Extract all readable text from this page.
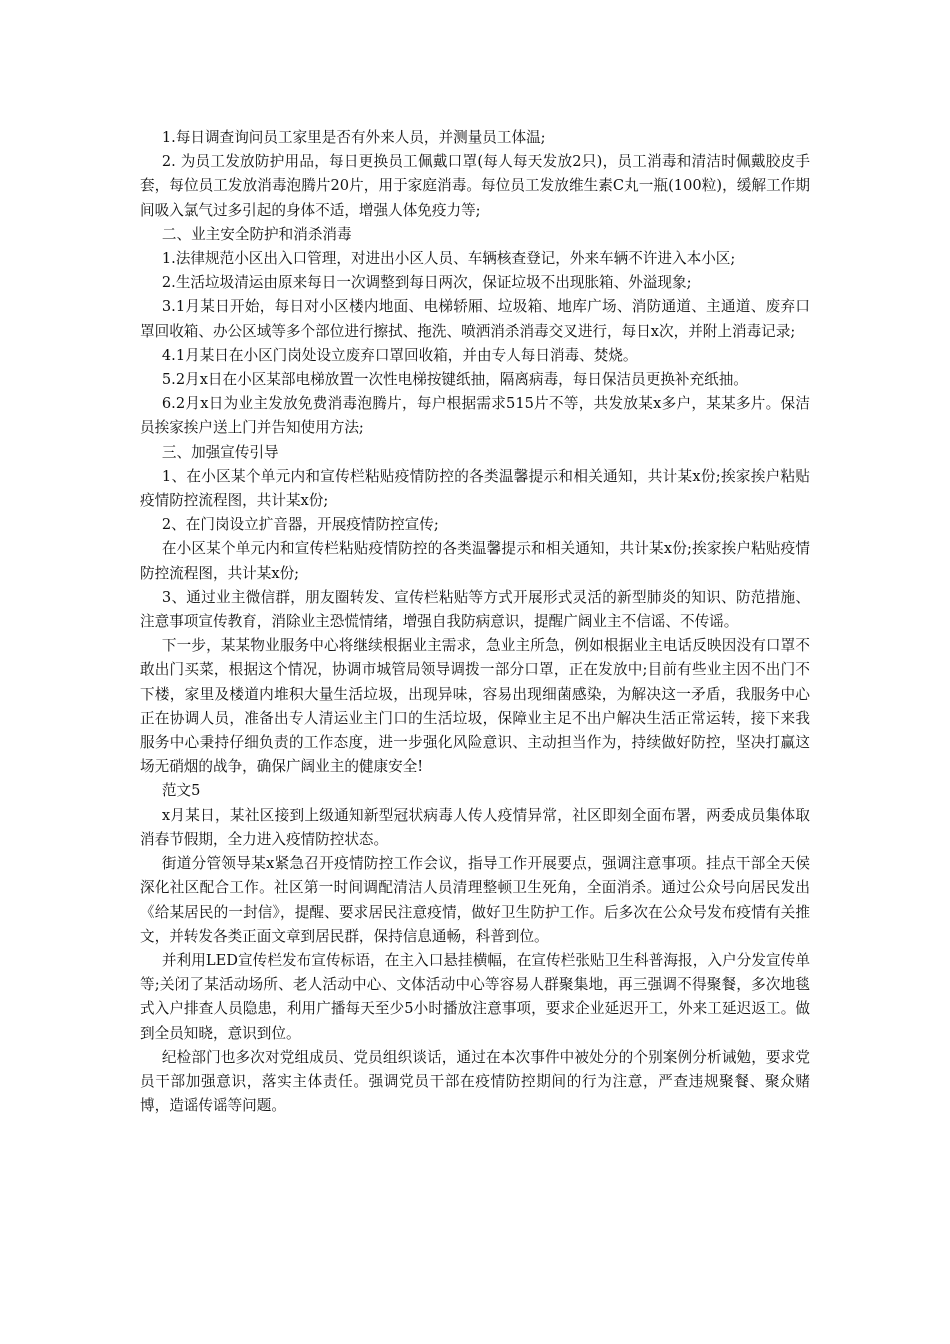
1.每日调查询问员工家里是否有外来人员，并测量员工体温;

2. 为员工发放防护用品，每日更换员工佩戴口罩(每人每天发放2只)，员工消毒和清洁时佩戴胶皮手套，每位员工发放消毒泡腾片20片，用于家庭消毒。每位员工发放维生素C丸一瓶(100粒)，缓解工作期间吸入氯气过多引起的身体不适，增强人体免疫力等;

二、业主安全防护和消杀消毒

1.法律规范小区出入口管理，对进出小区人员、车辆核查登记，外来车辆不许进入本小区;

2.生活垃圾清运由原来每日一次调整到每日两次，保证垃圾不出现胀箱、外溢现象;

3.1月某日开始，每日对小区楼内地面、电梯轿厢、垃圾箱、地库广场、消防通道、主通道、废弃口罩回收箱、办公区域等多个部位进行擦拭、拖洗、喷洒消杀消毒交叉进行，每日x次，并附上消毒记录;

4.1月某日在小区门岗处设立废弃口罩回收箱，并由专人每日消毒、焚烧。

5.2月x日在小区某部电梯放置一次性电梯按键纸抽，隔离病毒，每日保洁员更换补充纸抽。

6.2月x日为业主发放免费消毒泡腾片，每户根据需求515片不等，共发放某x多户，某某多片。保洁员挨家挨户送上门并告知使用方法;

三、加强宣传引导

1、在小区某个单元内和宣传栏粘贴疫情防控的各类温馨提示和相关通知，共计某x份;挨家挨户粘贴疫情防控流程图，共计某x份;

2、在门岗设立扩音器，开展疫情防控宣传;

在小区某个单元内和宣传栏粘贴疫情防控的各类温馨提示和相关通知，共计某x份;挨家挨户粘贴疫情防控流程图，共计某x份;

3、通过业主微信群，朋友圈转发、宣传栏粘贴等方式开展形式灵活的新型肺炎的知识、防范措施、注意事项宣传教育，消除业主恐慌情绪，增强自我防病意识，提醒广阔业主不信谣、不传谣。

下一步，某某物业服务中心将继续根据业主需求，急业主所急，例如根据业主电话反映因没有口罩不敢出门买菜，根据这个情况，协调市城管局领导调拨一部分口罩，正在发放中;目前有些业主因不出门不下楼，家里及楼道内堆积大量生活垃圾，出现异味，容易出现细菌感染，为解决这一矛盾，我服务中心正在协调人员，准备出专人清运业主门口的生活垃圾，保障业主足不出户解决生活正常运转，接下来我服务中心秉持仔细负责的工作态度，进一步强化风险意识、主动担当作为，持续做好防控，坚决打赢这场无硝烟的战争，确保广阔业主的健康安全!

范文5

x月某日，某社区接到上级通知新型冠状病毒人传人疫情异常，社区即刻全面布署，两委成员集体取消春节假期，全力进入疫情防控状态。

街道分管领导某x紧急召开疫情防控工作会议，指导工作开展要点，强调注意事项。挂点干部全天侯深化社区配合工作。社区第一时间调配清洁人员清理整顿卫生死角，全面消杀。通过公众号向居民发出《给某居民的一封信》，提醒、要求居民注意疫情，做好卫生防护工作。后多次在公众号发布疫情有关推文，并转发各类正面文章到居民群，保持信息通畅，科普到位。

并利用LED宣传栏发布宣传标语，在主入口悬挂横幅，在宣传栏张贴卫生科普海报，入户分发宣传单等;关闭了某活动场所、老人活动中心、文体活动中心等容易人群聚集地，再三强调不得聚餐，多次地毯式入户排查人员隐患，利用广播每天至少5小时播放注意事项，要求企业延迟开工，外来工延迟返工。做到全员知晓，意识到位。

纪检部门也多次对党组成员、党员组织谈话，通过在本次事件中被处分的个别案例分析诫勉，要求党员干部加强意识，落实主体责任。强调党员干部在疫情防控期间的行为注意，严查违规聚餐、聚众赌博，造谣传谣等问题。
